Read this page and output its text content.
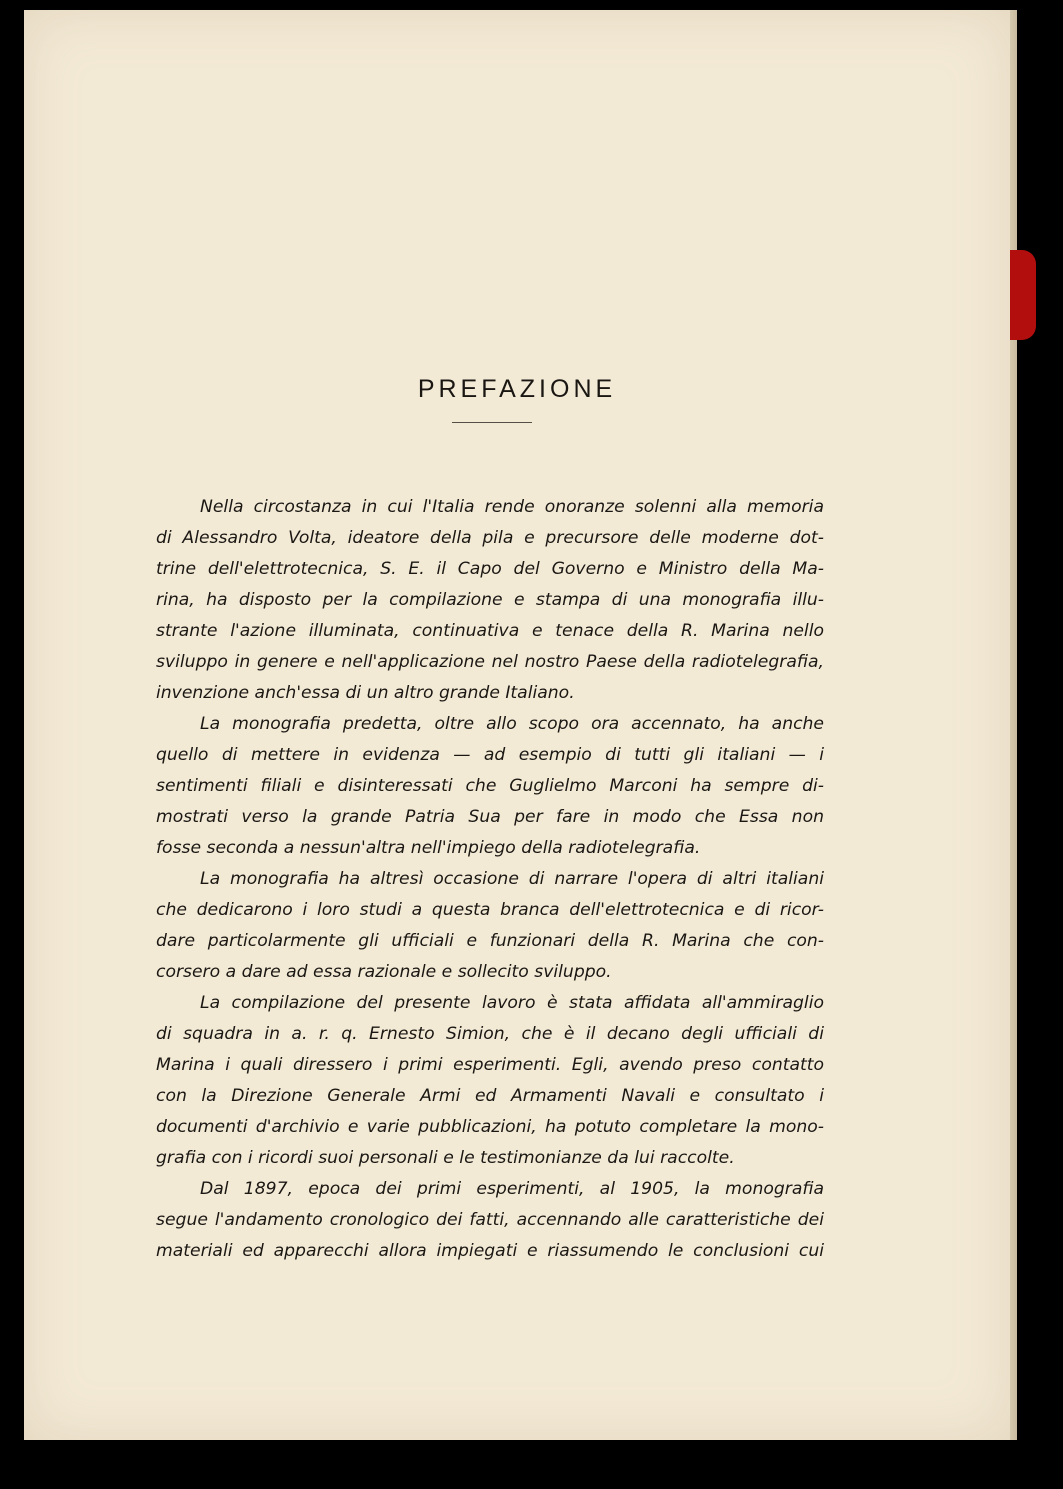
PREFAZIONE
Nella circostanza in cui l'Italia rende onoranze solenni alla memoria
di Alessandro Volta, ideatore della pila e precursore delle moderne dot-
trine dell'elettrotecnica, S. E. il Capo del Governo e Ministro della Ma-
rina, ha disposto per la compilazione e stampa di una monografia illu-
strante l'azione illuminata, continuativa e tenace della R. Marina nello
sviluppo in genere e nell'applicazione nel nostro Paese della radiotelegrafia,
invenzione anch'essa di un altro grande Italiano.
La monografia predetta, oltre allo scopo ora accennato, ha anche
quello di mettere in evidenza — ad esempio di tutti gli italiani — i
sentimenti filiali e disinteressati che Guglielmo Marconi ha sempre di-
mostrati verso la grande Patria Sua per fare in modo che Essa non
fosse seconda a nessun'altra nell'impiego della radiotelegrafia.
La monografia ha altresì occasione di narrare l'opera di altri italiani
che dedicarono i loro studi a questa branca dell'elettrotecnica e di ricor-
dare particolarmente gli ufficiali e funzionari della R. Marina che con-
corsero a dare ad essa razionale e sollecito sviluppo.
La compilazione del presente lavoro è stata affidata all'ammiraglio
di squadra in a. r. q. Ernesto Simion, che è il decano degli ufficiali di
Marina i quali diressero i primi esperimenti. Egli, avendo preso contatto
con la Direzione Generale Armi ed Armamenti Navali e consultato i
documenti d'archivio e varie pubblicazioni, ha potuto completare la mono-
grafia con i ricordi suoi personali e le testimonianze da lui raccolte.
Dal 1897, epoca dei primi esperimenti, al 1905, la monografia
segue l'andamento cronologico dei fatti, accennando alle caratteristiche dei
materiali ed apparecchi allora impiegati e riassumendo le conclusioni cui
